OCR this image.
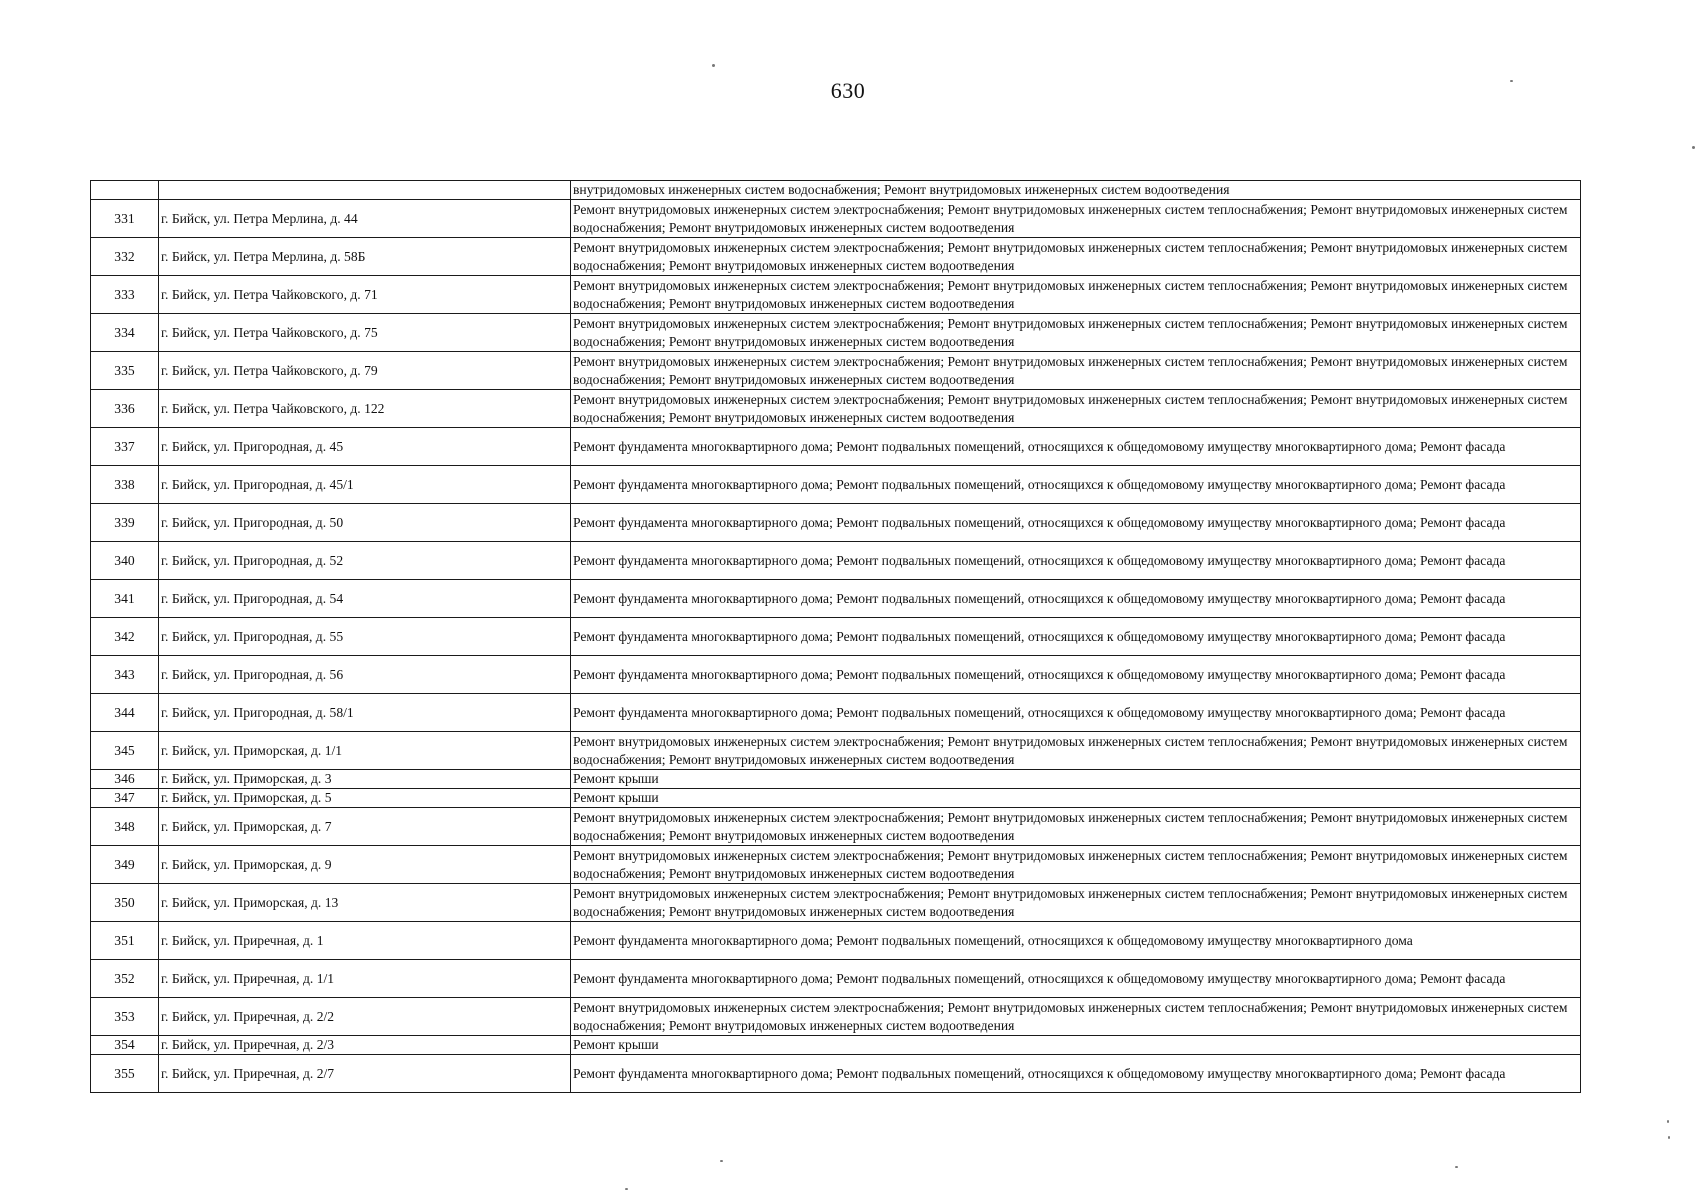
630
		внутридомовых инженерных систем водоснабжения; Ремонт внутридомовых инженерных систем водоотведения
331	г. Бийск, ул. Петра Мерлина, д. 44	Ремонт внутридомовых инженерных систем электроснабжения; Ремонт внутридомовых инженерных систем теплоснабжения; Ремонт внутридомовых инженерных систем водоснабжения; Ремонт внутридомовых инженерных систем водоотведения
332	г. Бийск, ул. Петра Мерлина, д. 58Б	Ремонт внутридомовых инженерных систем электроснабжения; Ремонт внутридомовых инженерных систем теплоснабжения; Ремонт внутридомовых инженерных систем водоснабжения; Ремонт внутридомовых инженерных систем водоотведения
333	г. Бийск, ул. Петра Чайковского, д. 71	Ремонт внутридомовых инженерных систем электроснабжения; Ремонт внутридомовых инженерных систем теплоснабжения; Ремонт внутридомовых инженерных систем водоснабжения; Ремонт внутридомовых инженерных систем водоотведения
334	г. Бийск, ул. Петра Чайковского, д. 75	Ремонт внутридомовых инженерных систем электроснабжения; Ремонт внутридомовых инженерных систем теплоснабжения; Ремонт внутридомовых инженерных систем водоснабжения; Ремонт внутридомовых инженерных систем водоотведения
335	г. Бийск, ул. Петра Чайковского, д. 79	Ремонт внутридомовых инженерных систем электроснабжения; Ремонт внутридомовых инженерных систем теплоснабжения; Ремонт внутридомовых инженерных систем водоснабжения; Ремонт внутридомовых инженерных систем водоотведения
336	г. Бийск, ул. Петра Чайковского, д. 122	Ремонт внутридомовых инженерных систем электроснабжения; Ремонт внутридомовых инженерных систем теплоснабжения; Ремонт внутридомовых инженерных систем водоснабжения; Ремонт внутридомовых инженерных систем водоотведения
337	г. Бийск, ул. Пригородная, д. 45	Ремонт фундамента многоквартирного дома; Ремонт подвальных помещений, относящихся к общедомовому имуществу многоквартирного дома; Ремонт фасада
338	г. Бийск, ул. Пригородная, д. 45/1	Ремонт фундамента многоквартирного дома; Ремонт подвальных помещений, относящихся к общедомовому имуществу многоквартирного дома; Ремонт фасада
339	г. Бийск, ул. Пригородная, д. 50	Ремонт фундамента многоквартирного дома; Ремонт подвальных помещений, относящихся к общедомовому имуществу многоквартирного дома; Ремонт фасада
340	г. Бийск, ул. Пригородная, д. 52	Ремонт фундамента многоквартирного дома; Ремонт подвальных помещений, относящихся к общедомовому имуществу многоквартирного дома; Ремонт фасада
341	г. Бийск, ул. Пригородная, д. 54	Ремонт фундамента многоквартирного дома; Ремонт подвальных помещений, относящихся к общедомовому имуществу многоквартирного дома; Ремонт фасада
342	г. Бийск, ул. Пригородная, д. 55	Ремонт фундамента многоквартирного дома; Ремонт подвальных помещений, относящихся к общедомовому имуществу многоквартирного дома; Ремонт фасада
343	г. Бийск, ул. Пригородная, д. 56	Ремонт фундамента многоквартирного дома; Ремонт подвальных помещений, относящихся к общедомовому имуществу многоквартирного дома; Ремонт фасада
344	г. Бийск, ул. Пригородная, д. 58/1	Ремонт фундамента многоквартирного дома; Ремонт подвальных помещений, относящихся к общедомовому имуществу многоквартирного дома; Ремонт фасада
345	г. Бийск, ул. Приморская, д. 1/1	Ремонт внутридомовых инженерных систем электроснабжения; Ремонт внутридомовых инженерных систем теплоснабжения; Ремонт внутридомовых инженерных систем водоснабжения; Ремонт внутридомовых инженерных систем водоотведения
346	г. Бийск, ул. Приморская, д. 3	Ремонт крыши
347	г. Бийск, ул. Приморская, д. 5	Ремонт крыши
348	г. Бийск, ул. Приморская, д. 7	Ремонт внутридомовых инженерных систем электроснабжения; Ремонт внутридомовых инженерных систем теплоснабжения; Ремонт внутридомовых инженерных систем водоснабжения; Ремонт внутридомовых инженерных систем водоотведения
349	г. Бийск, ул. Приморская, д. 9	Ремонт внутридомовых инженерных систем электроснабжения; Ремонт внутридомовых инженерных систем теплоснабжения; Ремонт внутридомовых инженерных систем водоснабжения; Ремонт внутридомовых инженерных систем водоотведения
350	г. Бийск, ул. Приморская, д. 13	Ремонт внутридомовых инженерных систем электроснабжения; Ремонт внутридомовых инженерных систем теплоснабжения; Ремонт внутридомовых инженерных систем водоснабжения; Ремонт внутридомовых инженерных систем водоотведения
351	г. Бийск, ул. Приречная, д. 1	Ремонт фундамента многоквартирного дома; Ремонт подвальных помещений, относящихся к общедомовому имуществу многоквартирного дома
352	г. Бийск, ул. Приречная, д. 1/1	Ремонт фундамента многоквартирного дома; Ремонт подвальных помещений, относящихся к общедомовому имуществу многоквартирного дома; Ремонт фасада
353	г. Бийск, ул. Приречная, д. 2/2	Ремонт внутридомовых инженерных систем электроснабжения; Ремонт внутридомовых инженерных систем теплоснабжения; Ремонт внутридомовых инженерных систем водоснабжения; Ремонт внутридомовых инженерных систем водоотведения
354	г. Бийск, ул. Приречная, д. 2/3	Ремонт крыши
355	г. Бийск, ул. Приречная, д. 2/7	Ремонт фундамента многоквартирного дома; Ремонт подвальных помещений, относящихся к общедомовому имуществу многоквартирного дома; Ремонт фасада
